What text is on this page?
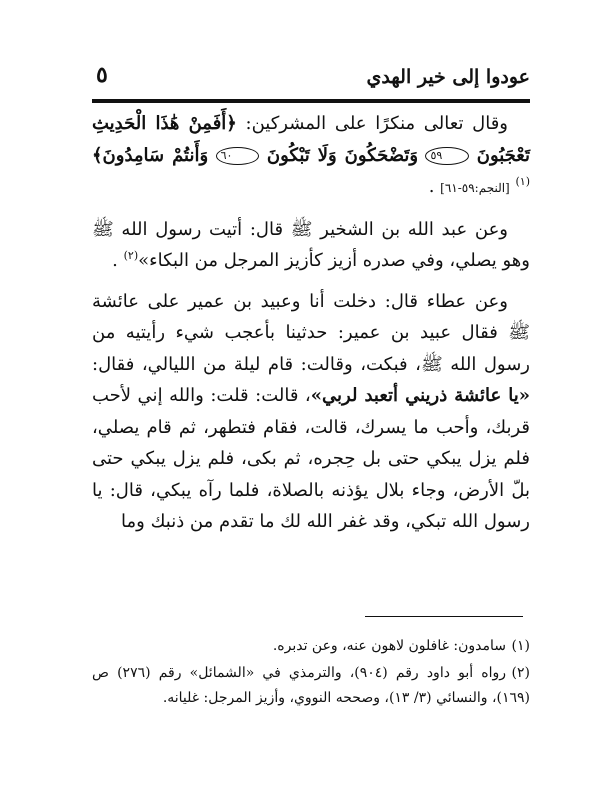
عودوا إلى خير الهدي
٥

وقال تعالى منكرًا على المشركين: ﴿أَفَمِنْ هَٰذَا الْحَدِيثِ تَعْجَبُونَ ٥٩ وَتَضْحَكُونَ وَلَا تَبْكُونَ ٦٠ وَأَنتُمْ سَامِدُونَ﴾$^{(١)}$ [النجم:٥٩-٦١] .

وعن عبد الله بن الشخير ﷺ قال: أتيت رسول الله ﷺ وهو يصلي، وفي صدره أزيز كأزيز المرجل من البكاء»$^{(٢)}$ .

وعن عطاء قال: دخلت أنا وعبيد بن عمير على عائشة ﷺ فقال عبيد بن عمير: حدثينا بأعجب شيء رأيتيه من رسول الله ﷺ، فبكت، وقالت: قام ليلة من الليالي، فقال: «يا عائشة ذريني أتعبد لربي»، قالت: قلت: والله إني لأحب قربك، وأحب ما يسرك، قالت، فقام فتطهر، ثم قام يصلي، فلم يزل يبكي حتى بل حِجره، ثم بكى، فلم يزل يبكي حتى بلّ الأرض، وجاء بلال يؤذنه بالصلاة، فلما رآه يبكي، قال: يا رسول الله تبكي، وقد غفر الله لك ما تقدم من ذنبك وما

(١)سامدون: غافلون لاهون عنه، وعن تدبره.
(٢)رواه أبو داود رقم (٩٠٤)، والترمذي في «الشمائل» رقم (٢٧٦) ص (١٦٩)، والنسائي (٣/ ١٣)، وصححه النووي، وأزيز المرجل: غليانه.
